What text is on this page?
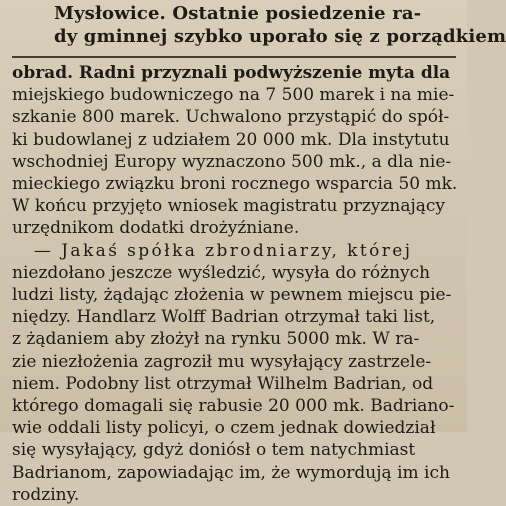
Mysłowice. Ostatnie posiedzenie ra-
dy gminnej szybko uporało się z porządkiem
obrad. Radni przyznali podwyższenie myta dla
miejskiego budowniczego na 7 500 marek i na mie-
szkanie 800 marek. Uchwalono przystąpić do spół-
ki budowlanej z udziałem 20 000 mk. Dla instytutu
wschodniej Europy wyznaczono 500 mk., a dla nie-
mieckiego związku broni rocznego wsparcia 50 mk.
W końcu przyjęto wniosek magistratu przyznający
urzędnikom dodatki drożyźniane.
— Jakaś spółka zbrodniarzy, której
niezdołano jeszcze wyśledzić, wysyła do różnych
ludzi listy, żądając złożenia w pewnem miejscu pie-
niędzy. Handlarz Wolff Badrian otrzymał taki list,
z żądaniem aby złożył na rynku 5000 mk. W ra-
zie niezłożenia zagroził mu wysyłający zastrzele-
niem. Podobny list otrzymał Wilhelm Badrian, od
którego domagali się rabusie 20 000 mk. Badriano-
wie oddali listy policyi, o czem jednak dowiedział
się wysyłający, gdyż doniósł o tem natychmiast
Badrianom, zapowiadając im, że wymordują im ich
rodziny.
